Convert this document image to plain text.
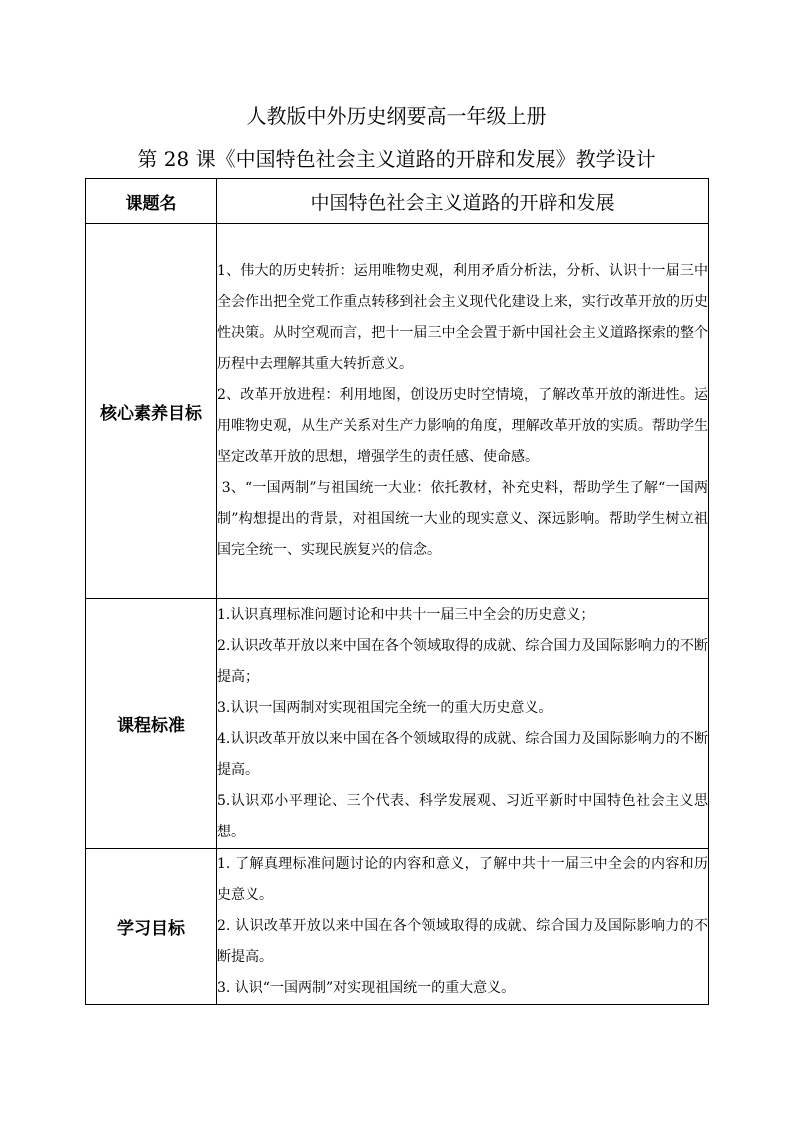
人教版中外历史纲要高一年级上册
第 28 课《中国特色社会主义道路的开辟和发展》教学设计
课题名	中国特色社会主义道路的开辟和发展
核心素养目标	1、伟大的历史转折：运用唯物史观，利用矛盾分析法，分析、认识十一届三中全会作出把全党工作重点转移到社会主义现代化建设上来，实行改革开放的历史性决策。从时空观而言，把十一届三中全会置于新中国社会主义道路探索的整个历程中去理解其重大转折意义。

2、改革开放进程：利用地图，创设历史时空情境，了解改革开放的渐进性。运用唯物史观，从生产关系对生产力影响的角度，理解改革开放的实质。帮助学生坚定改革开放的思想，增强学生的责任感、使命感。

3、“一国两制”与祖国统一大业：依托教材，补充史料，帮助学生了解“一国两制”构想提出的背景，对祖国统一大业的现实意义、深远影响。帮助学生树立祖国完全统一、实现民族复兴的信念。

课程标准	1.认识真理标准问题讨论和中共十一届三中全会的历史意义；

2.认识改革开放以来中国在各个领域取得的成就、综合国力及国际影响力的不断提高；

3.认识一国两制对实现祖国完全统一的重大历史意义。

4.认识改革开放以来中国在各个领域取得的成就、综合国力及国际影响力的不断提高。

5.认识邓小平理论、三个代表、科学发展观、习近平新时中国特色社会主义思想。

学习目标	1. 了解真理标准问题讨论的内容和意义，了解中共十一届三中全会的内容和历史意义。

2. 认识改革开放以来中国在各个领域取得的成就、综合国力及国际影响力的不断提高。

3. 认识“一国两制”对实现祖国统一的重大意义。
